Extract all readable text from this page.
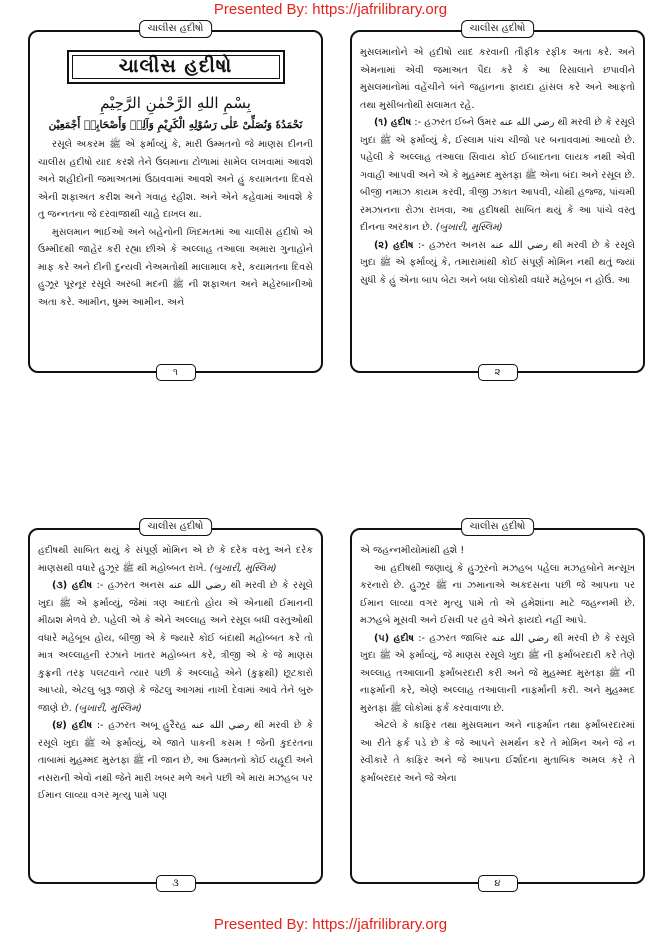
Presented By: https://jafrilibrary.org
ચાલીસ હદીષો
ચાલીસ હદીષો
بِسْمِ اللهِ الرَّحْمٰنِ الرَّحِيْمِ
نَحْمَدُهٗ وَنُصَلِّیْ عَلٰی رَسُوْلِهِ الْكَرِیْمِ وَآلِهٖ وَأَصْحَابِهٖ أَجْمَعِیْن

રસૂલે અકરમ ﷺ એ ફર્માવ્યું કે, મારી ઉમ્મતનો જે માણસ દીનની ચાલીસ હદીષો યાદ કરશે તેને ઉલમાના ટોળામાં સામેલ લખવામાં આવશે અને શહીદોની જમાઅતમાં ઉઠાવવામાં આવશે અને હું કયામતના દિવસે એની શફાઅત કરીશ અને ગવાહ રહીશ. અને એને કહેવામાં આવશે કે તુ જન્નતના જે દરવાજાથી ચાહે દાખલ થા.

મુસલમાન ભાઈઓ અને બહેનોની ખિદમતમાં આ ચાલીસ હદીષો એ ઉમ્મીદથી જાહેર કરી રહ્યા છીએ કે અલ્લાહ તઆલા અમારા ગુનાહોને માફ કરે અને દીની દુન્યવી નેઅમતોથી માલામાલ કરે, કયામતના દિવસે હુઝૂર પૂરનૂર રસૂલે અરબી મદની ﷺ ની શફાઅત અને મહેરબાનીઓ અતા કરે. આમીન, ષુમ્મ આમીન. અને

૧
ચાલીસ હદીષો

મુસલમાનોને એ હદીષો યાદ કરવાની તૌફીક રફીક અતા કરે. અને એમનામાં એવી જમાઅત પૈદા કરે કે આ રિસાલાને છપાવીને મુસલમાનોમાં વહેંચીને બંને જહાનના ફાયદા હાંસલ કરે અને આફતો તથા મુસીબતોથી સલામત રહે.

(૧) હદીષ :- હઝરત ઈબ્ને ઉમર رضي الله عنه થી મરવી છે કે રસૂલે ખુદા ﷺ એ ફર્માવ્યું કે, ઈસ્લામ પાંચ ચીજો પર બનાવવામાં આવ્યો છે. પહેલી કે અલ્લાહ તઆલા સિવાય કોઈ ઈબાદતના લાયક નથી એવી ગવાહી આપવી અને એ કે મુહમ્મદ મુસ્તફા ﷺ એના બંદા અને રસૂલ છે. બીજી નમાઝ કાયમ કરવી, ત્રીજી ઝકાત આપવી, ચોથી હજ્જ, પાંચમી રમઝાનના રોઝા રાખવા, આ હદીષથી સાબિત થયું કે આ પાંચે વસ્તુ દીનના અરકાન છે. (બુખારી, મુસ્લિમ)

(૨) હદીષ :- હઝરત અનસ رضي الله عنه થી મરવી છે કે રસૂલે ખુદા ﷺ એ ફર્માવ્યું કે, તમારામાંથી કોઈ સંપૂર્ણ મોમિન નથી થતું જ્યાં સુધી કે હું એના બાપ બેટા અને બધા લોકોથી વધારે મહેબૂબ ન હોઉં. આ

૨
ચાલીસ હદીષો

હદીષથી સાબિત થયું કે સંપૂર્ણ મોમિન એ છે કે દરેક વસ્તુ અને દરેક માણસથી વધારે હુઝૂર ﷺ થી મહોબ્બત રાખે. (બુખારી, મુસ્લિમ)

(૩) હદીષ :- હઝરત અનસ رضي الله عنه થી મરવી છે કે રસૂલે ખુદા ﷺ એ ફર્માવ્યું, જેમાં ત્રણ આદતો હોય એ એનાથી ઈમાનની મીઠાશ મેળવે છે. પહેલી એ કે એને અલ્લાહ અને રસૂલ બધી વસ્તુઓથી વધારે મહેબૂબ હોય, બીજી એ કે જ્યારે કોઈ બંદાથી મહોબ્બત કરે તો માત્ર અલ્લાહની રઝાને ખાતર મહોબ્બત કરે, ત્રીજી એ કે જે માણસ કુફ્રની તરફ પલટવાને ત્યાર પછી કે અલ્લાહે એને (કુફ્રથી) છૂટકારો આપ્યો, એટલુ બુરૂ જાણે કે જેટલુ આગમાં નાખી દેવામાં આવે તેને બુરુ જાણે છે. (બુખારી, મુસ્લિમ)

(૪) હદીષ :- હઝરત અબૂ હુરૈરહ رضي الله عنه થી મરવી છે કે રસૂલે ખુદા ﷺ એ ફર્માવ્યું, એ જાતે પાકની કસમ ! જેની કુદરતના તાબામાં મુહમ્મદ મુસ્તફા ﷺ ની જાન છે, આ ઉમ્મતનો કોઈ યહૂદી અને નસરાની એવો નથી જેને મારી ખબર મળે અને પછી એ મારા મઝહબ પર ઈમાન લાવ્યા વગર મૃત્યુ પામે પણ

૩
ચાલીસ હદીષો

એ જહન્નમીયોમાંથી હશે !

આ હદીષથી જણાયું કે હુઝૂરનો મઝહબ પહેલા મઝહબોને મન્સૂખ કરનારો છે. હુઝૂર ﷺ ના ઝમાનાએ અકદસના પછી જે આપના પર ઈમાન લાવ્યા વગર મૃત્યુ પામે તો એ હમેશાંના માટે જહન્નમી છે. મઝહબે મૂસવી અને ઈસવી પર હવે એને ફાયદો નહીં આપે.

(૫) હદીષ :- હઝરત જાબિર رضي الله عنه થી મરવી છે કે રસૂલે ખુદા ﷺ એ ફર્માવ્યું, જે માણસ રસૂલે ખુદા ﷺ ની ફર્માંબરદારી કરે તેણે અલ્લાહ તઆલાની ફર્માંબરદારી કરી અને જે મુહમ્મદ મુસ્તફા ﷺ ની નાફર્માની કરે, એણે અલ્લાહ તઆલાની નાફર્માની કરી. અને મુહમ્મદ મુસ્તફા ﷺ લોકોમાં ફર્ક કરવાવાળા છે.

એટલે કે કાફિર તથા મુસલમાન અને નાફર્માન તથા ફર્માંબરદારમાં આ રીતે ફર્ક પડે છે કે જે આપને સમર્થન કરે તે મોમિન અને જે ન સ્વીકારે તે કાફિર અને જે આપના ઈર્શાદના મુતાબિક અમલ કરે તે ફર્માંબરદાર અને જે એના

૪
Presented By: https://jafrilibrary.org
